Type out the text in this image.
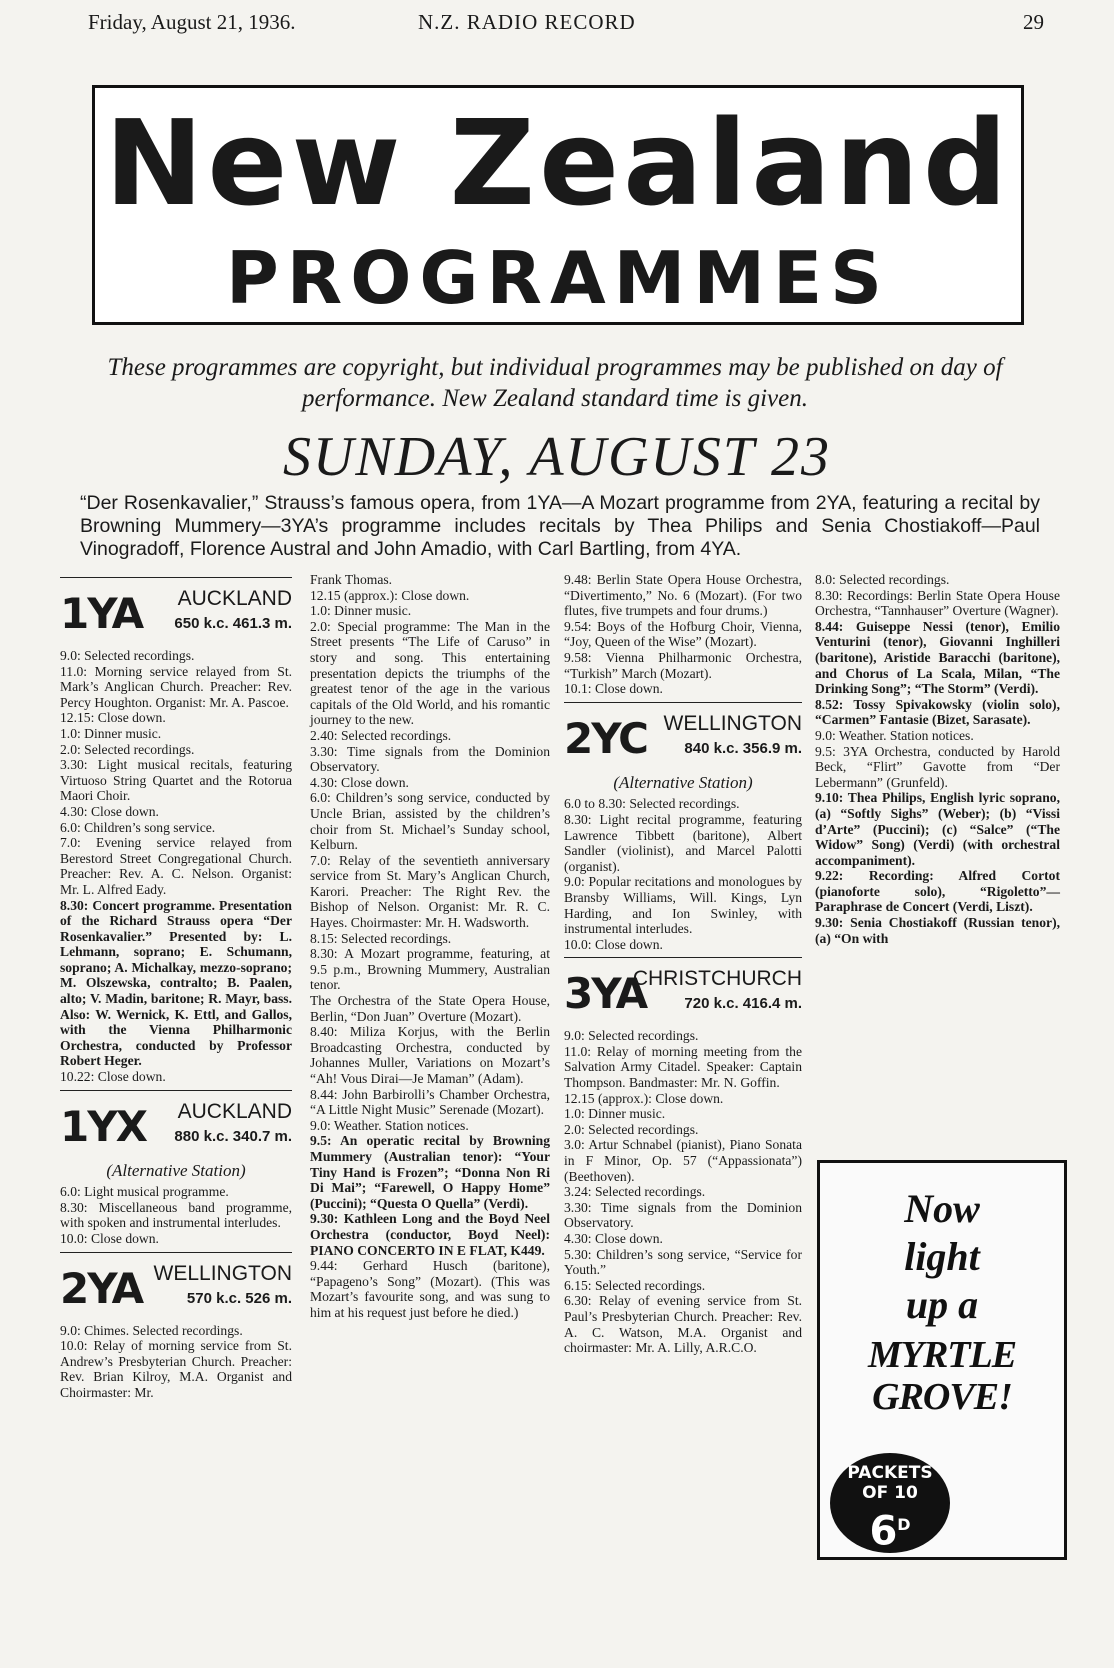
Friday, August 21, 1936.	N.Z. RADIO RECORD	29
New Zealand
PROGRAMMES
These programmes are copyright, but individual programmes may be published on day of performance. New Zealand standard time is given.
SUNDAY, AUGUST 23
“Der Rosenkavalier,” Strauss’s famous opera, from 1YA—A Mozart programme from 2YA, featuring a recital by Browning Mummery—3YA’s programme includes recitals by Thea Philips and Senia Chostiakoff—Paul Vinogradoff, Florence Austral and John Amadio, with Carl Bartling, from 4YA.
1YA AUCKLAND
650 k.c. 461.3 m.

9.0: Selected recordings.

11.0: Morning service relayed from St. Mark’s Anglican Church. Preacher: Rev. Percy Houghton. Organist: Mr. A. Pascoe.

12.15: Close down.

1.0: Dinner music.

2.0: Selected recordings.

3.30: Light musical recitals, featuring Virtuoso String Quartet and the Rotorua Maori Choir.

4.30: Close down.

6.0: Children’s song service.

7.0: Evening service relayed from Berestord Street Congregational Church. Preacher: Rev. A. C. Nelson. Organist: Mr. L. Alfred Eady.

8.30: Concert programme. Presentation of the Richard Strauss opera “Der Rosenkavalier.” Presented by: L. Lehmann, soprano; E. Schumann, soprano; A. Michalkay, mezzo-soprano; M. Olszewska, contralto; B. Paalen, alto; V. Madin, baritone; R. Mayr, bass. Also: W. Wernick, K. Ettl, and Gallos, with the Vienna Philharmonic Orchestra, conducted by Professor Robert Heger.

10.22: Close down.

1YX AUCKLAND
880 k.c. 340.7 m.
(Alternative Station)

6.0: Light musical programme.

8.30: Miscellaneous band programme, with spoken and instrumental interludes.

10.0: Close down.

2YA WELLINGTON
570 k.c. 526 m.

9.0: Chimes. Selected recordings.

10.0: Relay of morning service from St. Andrew’s Presbyterian Church. Preacher: Rev. Brian Kilroy, M.A. Organist and Choirmaster: Mr.

Frank Thomas.

12.15 (approx.): Close down.

1.0: Dinner music.

2.0: Special programme: The Man in the Street presents “The Life of Caruso” in story and song. This entertaining presentation depicts the triumphs of the greatest tenor of the age in the various capitals of the Old World, and his romantic journey to the new.

2.40: Selected recordings.

3.30: Time signals from the Dominion Observatory.

4.30: Close down.

6.0: Children’s song service, conducted by Uncle Brian, assisted by the children’s choir from St. Michael’s Sunday school, Kelburn.

7.0: Relay of the seventieth anniversary service from St. Mary’s Anglican Church, Karori. Preacher: The Right Rev. the Bishop of Nelson. Organist: Mr. R. C. Hayes. Choirmaster: Mr. H. Wadsworth.

8.15: Selected recordings.

8.30: A Mozart programme, featuring, at 9.5 p.m., Browning Mummery, Australian tenor.

The Orchestra of the State Opera House, Berlin, “Don Juan” Overture (Mozart).

8.40: Miliza Korjus, with the Berlin Broadcasting Orchestra, conducted by Johannes Muller, Variations on Mozart’s “Ah! Vous Dirai—Je Maman” (Adam).

8.44: John Barbirolli’s Chamber Orchestra, “A Little Night Music” Serenade (Mozart).

9.0: Weather. Station notices.

9.5: An operatic recital by Browning Mummery (Australian tenor): “Your Tiny Hand is Frozen”; “Donna Non Ri Di Mai”; “Farewell, O Happy Home” (Puccini); “Questa O Quella” (Verdi).

9.30: Kathleen Long and the Boyd Neel Orchestra (conductor, Boyd Neel): PIANO CONCERTO IN E FLAT, K449.

9.44: Gerhard Husch (baritone), “Papageno’s Song” (Mozart). (This was Mozart’s favourite song, and was sung to him at his request just before he died.)

9.48: Berlin State Opera House Orchestra, “Divertimento,” No. 6 (Mozart). (For two flutes, five trumpets and four drums.)

9.54: Boys of the Hofburg Choir, Vienna, “Joy, Queen of the Wise” (Mozart).

9.58: Vienna Philharmonic Orchestra, “Turkish” March (Mozart).

10.1: Close down.

2YC WELLINGTON
840 k.c. 356.9 m.
(Alternative Station)

6.0 to 8.30: Selected recordings.

8.30: Light recital programme, featuring Lawrence Tibbett (baritone), Albert Sandler (violinist), and Marcel Palotti (organist).

9.0: Popular recitations and monologues by Bransby Williams, Will. Kings, Lyn Harding, and Ion Swinley, with instrumental interludes.

10.0: Close down.

3YA
CHRISTCHURCH
720 k.c. 416.4 m.

9.0: Selected recordings.

11.0: Relay of morning meeting from the Salvation Army Citadel. Speaker: Captain Thompson. Bandmaster: Mr. N. Goffin.

12.15 (approx.): Close down.

1.0: Dinner music.

2.0: Selected recordings.

3.0: Artur Schnabel (pianist), Piano Sonata in F Minor, Op. 57 (“Appassionata”) (Beethoven).

3.24: Selected recordings.

3.30: Time signals from the Dominion Observatory.

4.30: Close down.

5.30: Children’s song service, “Service for Youth.”

6.15: Selected recordings.

6.30: Relay of evening service from St. Paul’s Presbyterian Church. Preacher: Rev. A. C. Watson, M.A. Organist and choirmaster: Mr. A. Lilly, A.R.C.O.

8.0: Selected recordings.

8.30: Recordings: Berlin State Opera House Orchestra, “Tannhauser” Overture (Wagner).

8.44: Guiseppe Nessi (tenor), Emilio Venturini (tenor), Giovanni Inghilleri (baritone), Aristide Baracchi (baritone), and Chorus of La Scala, Milan, “The Drinking Song”; “The Storm” (Verdi).

8.52: Tossy Spivakowsky (violin solo), “Carmen” Fantasie (Bizet, Sarasate).

9.0: Weather. Station notices.

9.5: 3YA Orchestra, conducted by Harold Beck, “Flirt” Gavotte from “Der Lebermann” (Grunfeld).

9.10: Thea Philips, English lyric soprano, (a) “Softly Sighs” (Weber); (b) “Vissi d’Arte” (Puccini); (c) “Salce” (“The Widow” Song) (Verdi) (with orchestral accompaniment).

9.22: Recording: Alfred Cortot (pianoforte solo), “Rigoletto”—Paraphrase de Concert (Verdi, Liszt).

9.30: Senia Chostiakoff (Russian tenor), (a) “On with

Now
light
up a
MYRTLE
GROVE!
PACKETS
OF 10
$6^D$
